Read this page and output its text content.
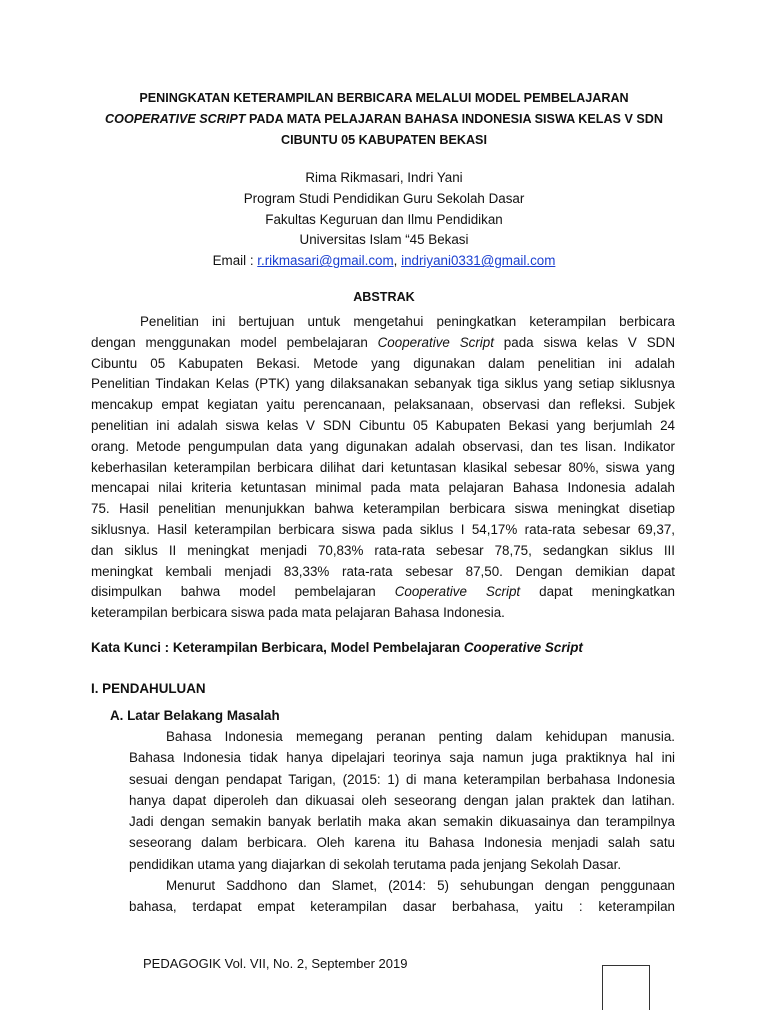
PENINGKATAN KETERAMPILAN BERBICARA MELALUI MODEL PEMBELAJARAN
COOPERATIVE SCRIPT PADA MATA PELAJARAN BAHASA INDONESIA SISWA KELAS V SDN
CIBUNTU 05 KABUPATEN BEKASI
Rima Rikmasari, Indri Yani
Program Studi Pendidikan Guru Sekolah Dasar
Fakultas Keguruan dan Ilmu Pendidikan
Universitas Islam “45 Bekasi
Email : r.rikmasari@gmail.com, indriyani0331@gmail.com
ABSTRAK
Penelitian ini bertujuan untuk mengetahui peningkatkan keterampilan berbicara
dengan menggunakan model pembelajaran Cooperative Script pada siswa kelas V SDN
Cibuntu 05 Kabupaten Bekasi. Metode yang digunakan dalam penelitian ini adalah
Penelitian Tindakan Kelas (PTK) yang dilaksanakan sebanyak tiga siklus yang setiap siklusnya
mencakup empat kegiatan yaitu perencanaan, pelaksanaan, observasi dan refleksi. Subjek
penelitian ini adalah siswa kelas V SDN Cibuntu 05 Kabupaten Bekasi yang berjumlah 24
orang. Metode pengumpulan data yang digunakan adalah observasi, dan tes lisan. Indikator
keberhasilan keterampilan berbicara dilihat dari ketuntasan klasikal sebesar 80%, siswa yang
mencapai nilai kriteria ketuntasan minimal pada mata pelajaran Bahasa Indonesia adalah
75. Hasil penelitian menunjukkan bahwa keterampilan berbicara siswa meningkat disetiap
siklusnya. Hasil keterampilan berbicara siswa pada siklus I 54,17% rata-rata sebesar 69,37,
dan siklus II meningkat menjadi 70,83% rata-rata sebesar 78,75, sedangkan siklus III
meningkat kembali menjadi 83,33% rata-rata sebesar 87,50. Dengan demikian dapat
disimpulkan bahwa model pembelajaran Cooperative Script dapat meningkatkan
keterampilan berbicara siswa pada mata pelajaran Bahasa Indonesia.
Kata Kunci : Keterampilan Berbicara, Model Pembelajaran Cooperative Script
I. PENDAHULUAN
A. Latar Belakang Masalah
Bahasa Indonesia memegang peranan penting dalam kehidupan manusia.
Bahasa Indonesia tidak hanya dipelajari teorinya saja namun juga praktiknya hal ini
sesuai dengan pendapat Tarigan, (2015: 1) di mana keterampilan berbahasa Indonesia
hanya dapat diperoleh dan dikuasai oleh seseorang dengan jalan praktek dan latihan.
Jadi dengan semakin banyak berlatih maka akan semakin dikuasainya dan terampilnya
seseorang dalam berbicara. Oleh karena itu Bahasa Indonesia menjadi salah satu
pendidikan utama yang diajarkan di sekolah terutama pada jenjang Sekolah Dasar.
Menurut Saddhono dan Slamet, (2014: 5) sehubungan dengan penggunaan
bahasa, terdapat empat keterampilan dasar berbahasa, yaitu : keterampilan
PEDAGOGIK Vol. VII, No. 2, September 2019
